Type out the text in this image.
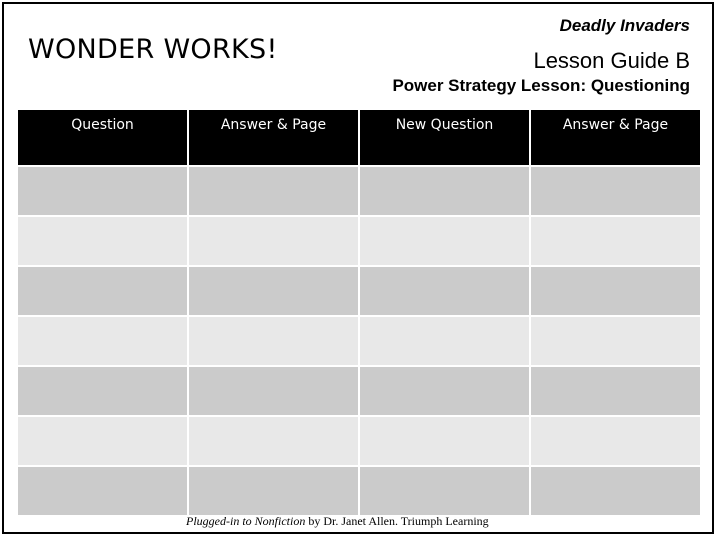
WONDER WORKS!
Deadly Invaders
Lesson Guide B
Power Strategy Lesson: Questioning
Question	Answer & Page	New Question	Answer & Page

Plugged-in to Nonfiction by Dr. Janet Allen. Triumph Learning
